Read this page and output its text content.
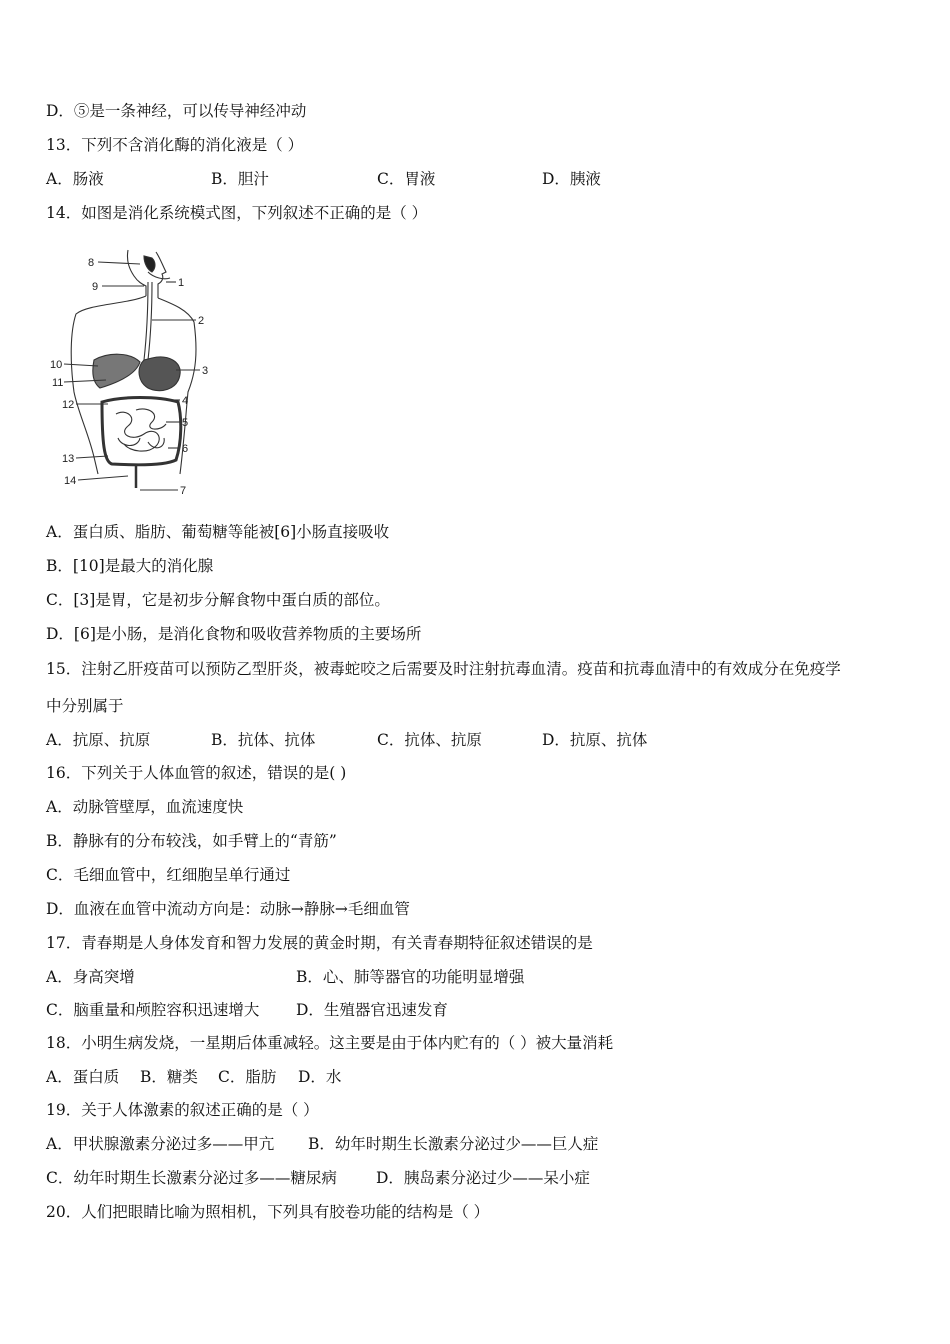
D．⑤是一条神经，可以传导神经冲动
13．下列不含消化酶的消化液是（ ）
A．肠液	B．胆汁	C．胃液	D．胰液
14．如图是消化系统模式图，下列叙述不正确的是（ ）
8
9	1
2
10
11
3
12	4
5
6
13
14
7
A．蛋白质、脂肪、葡萄糖等能被[6]小肠直接吸收
B．[10]是最大的消化腺
C．[3]是胃，它是初步分解食物中蛋白质的部位。
D．[6]是小肠，是消化食物和吸收营养物质的主要场所
15．注射乙肝疫苗可以预防乙型肝炎，被毒蛇咬之后需要及时注射抗毒血清。疫苗和抗毒血清中的有效成分在免疫学
中分别属于
A．抗原、抗原	B．抗体、抗体	C．抗体、抗原	D．抗原、抗体
16．下列关于人体血管的叙述，错误的是( )
A．动脉管壁厚，血流速度快
B．静脉有的分布较浅，如手臂上的“青筋”
C．毛细血管中，红细胞呈单行通过
D．血液在血管中流动方向是：动脉→静脉→毛细血管
17．青春期是人身体发育和智力发展的黄金时期，有关青春期特征叙述错误的是
A．身高突增	B．心、肺等器官的功能明显增强
C．脑重量和颅腔容积迅速增大 D．生殖器官迅速发育
18．小明生病发烧，一星期后体重减轻。这主要是由于体内贮有的（ ）被大量消耗
A．蛋白质 B．糖类 C．脂肪 D．水
19．关于人体激素的叙述正确的是（ ）
A．甲状腺激素分泌过多——甲亢 B．幼年时期生长激素分泌过少——巨人症
C．幼年时期生长激素分泌过多——糖尿病	D．胰岛素分泌过少——呆小症
20．人们把眼睛比喻为照相机，下列具有胶卷功能的结构是（ ）
